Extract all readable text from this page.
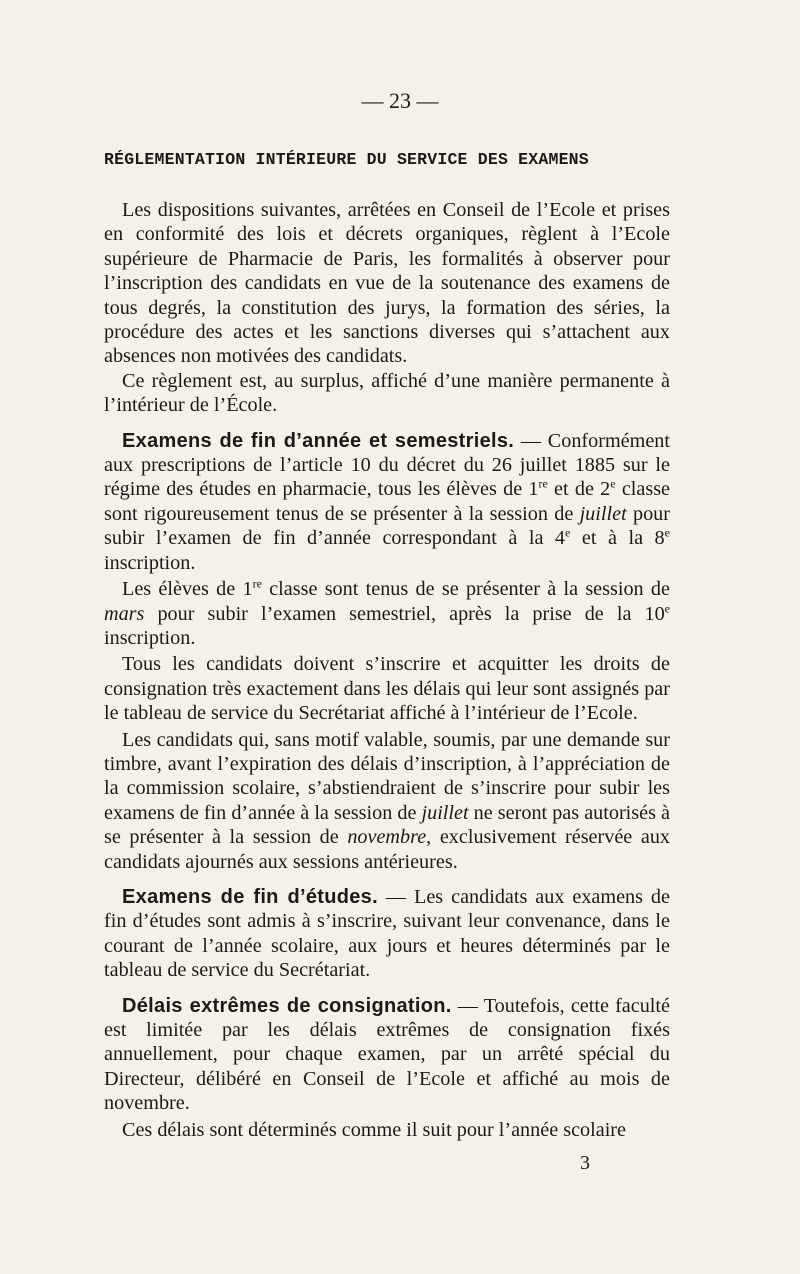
— 23 —
RÉGLEMENTATION INTÉRIEURE DU SERVICE DES EXAMENS

Les dispositions suivantes, arrêtées en Conseil de l’Ecole et prises en conformité des lois et décrets organiques, règlent à l’Ecole supérieure de Pharmacie de Paris, les formalités à observer pour l’inscription des candidats en vue de la soutenance des examens de tous degrés, la constitution des jurys, la formation des séries, la procédure des actes et les sanctions diverses qui s’attachent aux absences non motivées des candidats.

Ce règlement est, au surplus, affiché d’une manière permanente à l’intérieur de l’École.

Examens de fin d’année et semestriels. — Conformément aux prescriptions de l’article 10 du décret du 26 juillet 1885 sur le régime des études en pharmacie, tous les élèves de 1re et de 2e classe sont rigoureusement tenus de se présenter à la session de juillet pour subir l’examen de fin d’année correspondant à la 4e et à la 8e inscription.

Les élèves de 1re classe sont tenus de se présenter à la session de mars pour subir l’examen semestriel, après la prise de la 10e inscription.

Tous les candidats doivent s’inscrire et acquitter les droits de consignation très exactement dans les délais qui leur sont assignés par le tableau de service du Secrétariat affiché à l’intérieur de l’Ecole.

Les candidats qui, sans motif valable, soumis, par une demande sur timbre, avant l’expiration des délais d’inscription, à l’appréciation de la commission scolaire, s’abstiendraient de s’inscrire pour subir les examens de fin d’année à la session de juillet ne seront pas autorisés à se présenter à la session de novembre, exclusivement réservée aux candidats ajournés aux sessions antérieures.

Examens de fin d’études. — Les candidats aux examens de fin d’études sont admis à s’inscrire, suivant leur convenance, dans le courant de l’année scolaire, aux jours et heures déterminés par le tableau de service du Secrétariat.

Délais extrêmes de consignation. — Toutefois, cette faculté est limitée par les délais extrêmes de consignation fixés annuellement, pour chaque examen, par un arrêté spécial du Directeur, délibéré en Conseil de l’Ecole et affiché au mois de novembre.

Ces délais sont déterminés comme il suit pour l’année scolaire

3
